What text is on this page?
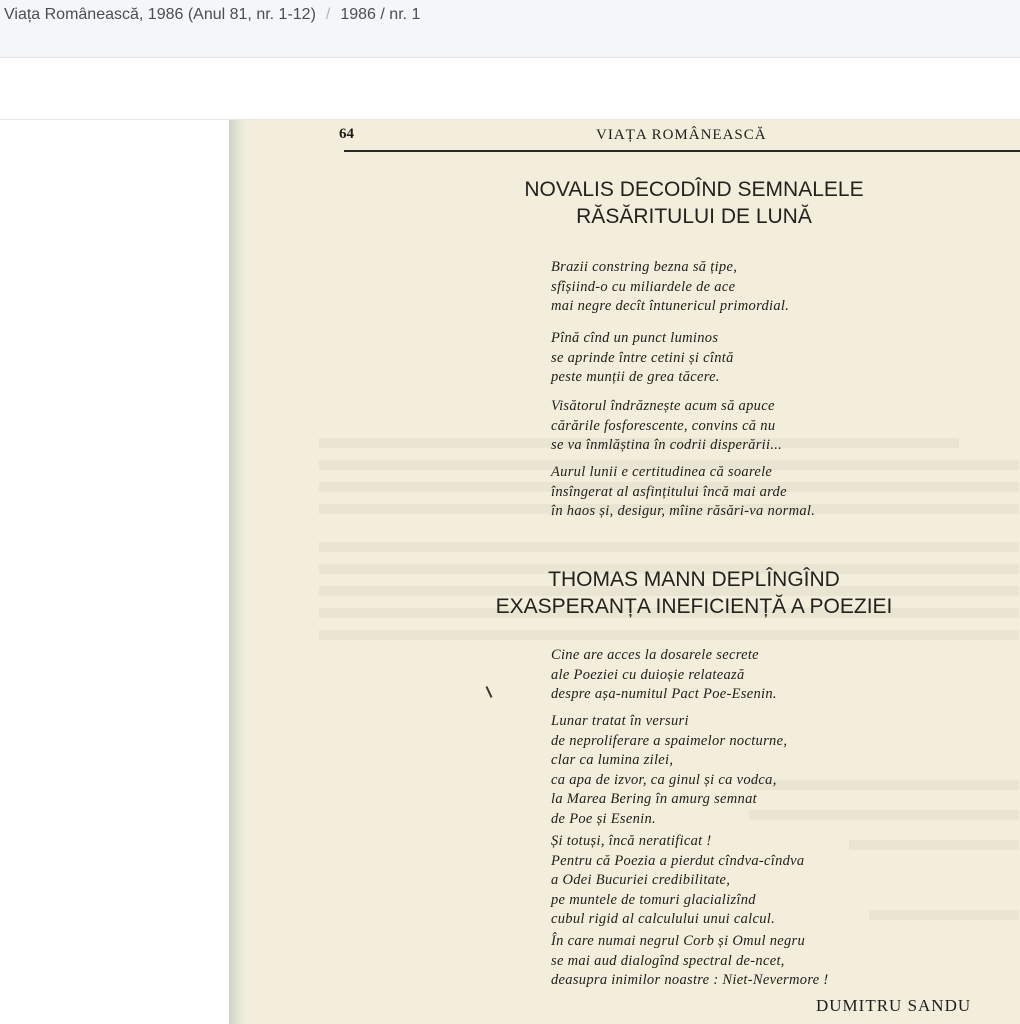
Viața Românească, 1986 (Anul 81, nr. 1-12) / 1986 / nr. 1
64	VIAȚA ROMÂNEASCĂ
NOVALIS DECODÎND SEMNALELE
RĂSĂRITULUI DE LUNĂ
Brazii constring bezna să țipe,
sfîșiind-o cu miliardele de ace
mai negre decît întunericul primordial.
Pînă cînd un punct luminos
se aprinde între cetini și cîntă
peste munții de grea tăcere.
Visătorul îndrăznește acum să apuce
cărările fosforescente, convins că nu
se va înmlăștina în codrii disperării...
Aurul lunii e certitudinea că soarele
însîngerat al asfințitului încă mai arde
în haos și, desigur, mîine răsări-va normal.
THOMAS MANN DEPLÎNGÎND
EXASPERANȚA INEFICIENȚĂ A POEZIEI
Cine are acces la dosarele secrete
ale Poeziei cu duioșie relatează
despre așa-numitul Pact Poe-Esenin.
Lunar tratat în versuri
de neproliferare a spaimelor nocturne,
clar ca lumina zilei,
ca apa de izvor, ca ginul și ca vodca,
la Marea Bering în amurg semnat
de Poe și Esenin.
Și totuși, încă neratificat !
Pentru că Poezia a pierdut cîndva-cîndva
a Odei Bucuriei credibilitate,
pe muntele de tomuri glacializînd
cubul rigid al calculului unui calcul.
În care numai negrul Corb și Omul negru
se mai aud dialogînd spectral de-ncet,
deasupra inimilor noastre : Niet-Nevermore !
DUMITRU SANDU
